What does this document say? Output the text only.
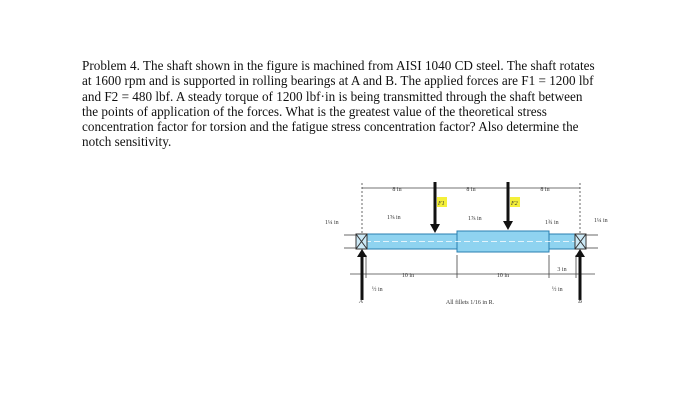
Problem 4. The shaft shown in the figure is machined from AISI 1040 CD steel. The shaft rotates
at 1600 rpm and is supported in rolling bearings at A and B. The applied forces are F1 = 1200 lbf
and F2 = 480 lbf. A steady torque of 1200 lbf·in is being transmitted through the shaft between
the points of application of the forces. What is the greatest value of the theoretical stress
concentration factor for torsion and the fatigue stress concentration factor? Also determine the
notch sensitivity.
8 in	8 in	8 in
F1	F2
1¼ in
1⅝ in	1⅞ in
1¾ in	1¼ in
10 in	10 in
3 in
½ in	½ in
A	B
All fillets 1/16 in R.
